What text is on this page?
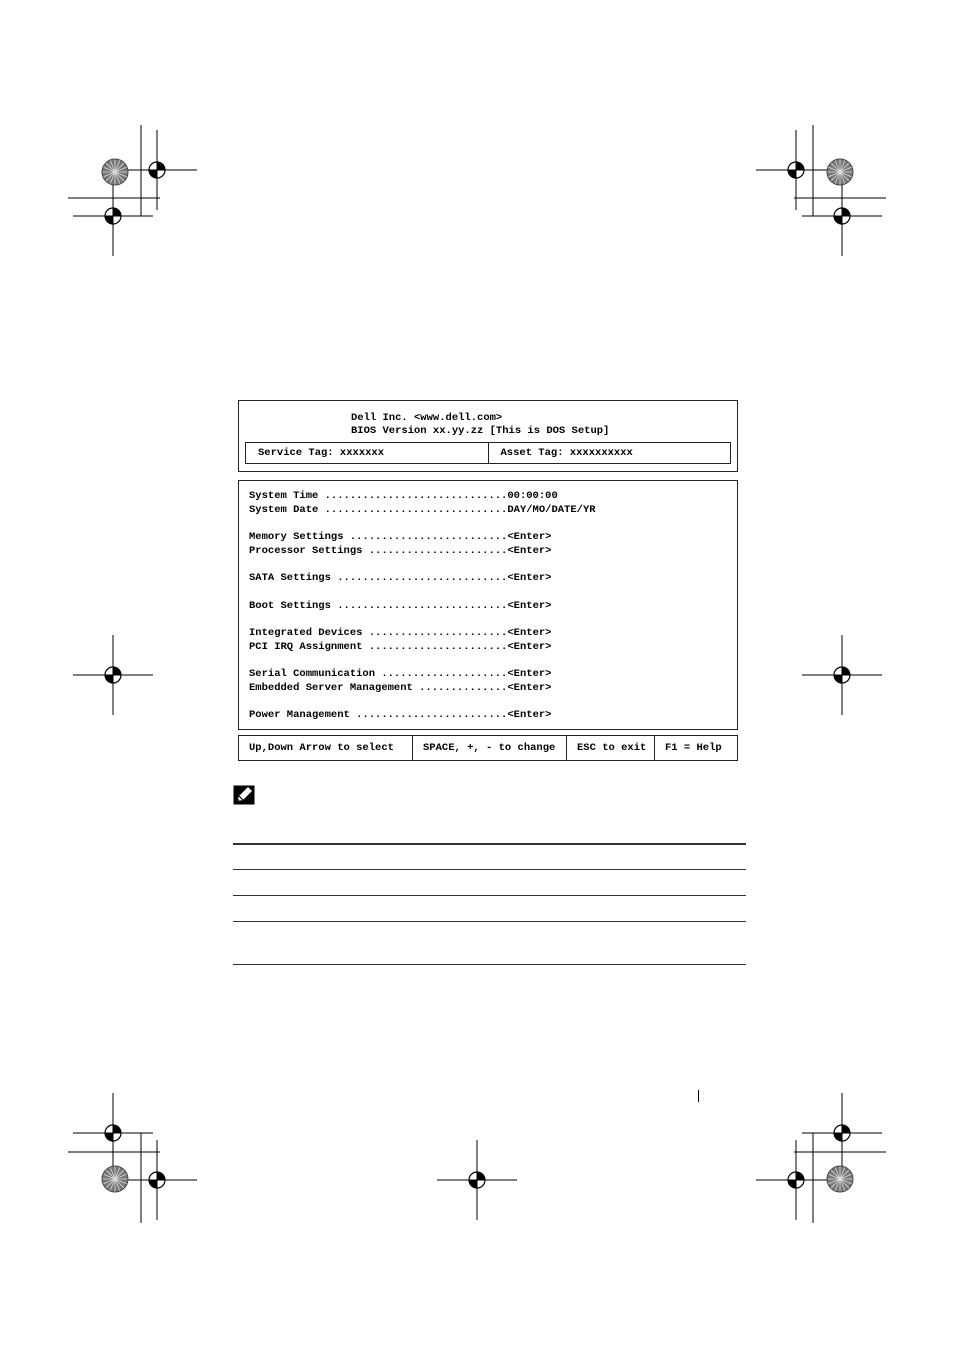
Dell Inc. <www.dell.com>
BIOS Version xx.yy.zz [This is DOS Setup]
Service Tag: xxxxxxx	Asset Tag: xxxxxxxxxx
System Time .............................00:00:00
System Date .............................DAY/MO/DATE/YR
Memory Settings .........................<Enter>
Processor Settings ......................<Enter>
SATA Settings ...........................<Enter>
Boot Settings ...........................<Enter>
Integrated Devices ......................<Enter>
PCI IRQ Assignment ......................<Enter>
Serial Communication ....................<Enter>
Embedded Server Management ..............<Enter>
Power Management ........................<Enter>
Up,Down Arrow to select	SPACE, +, - to change	ESC to exit	F1 = Help
